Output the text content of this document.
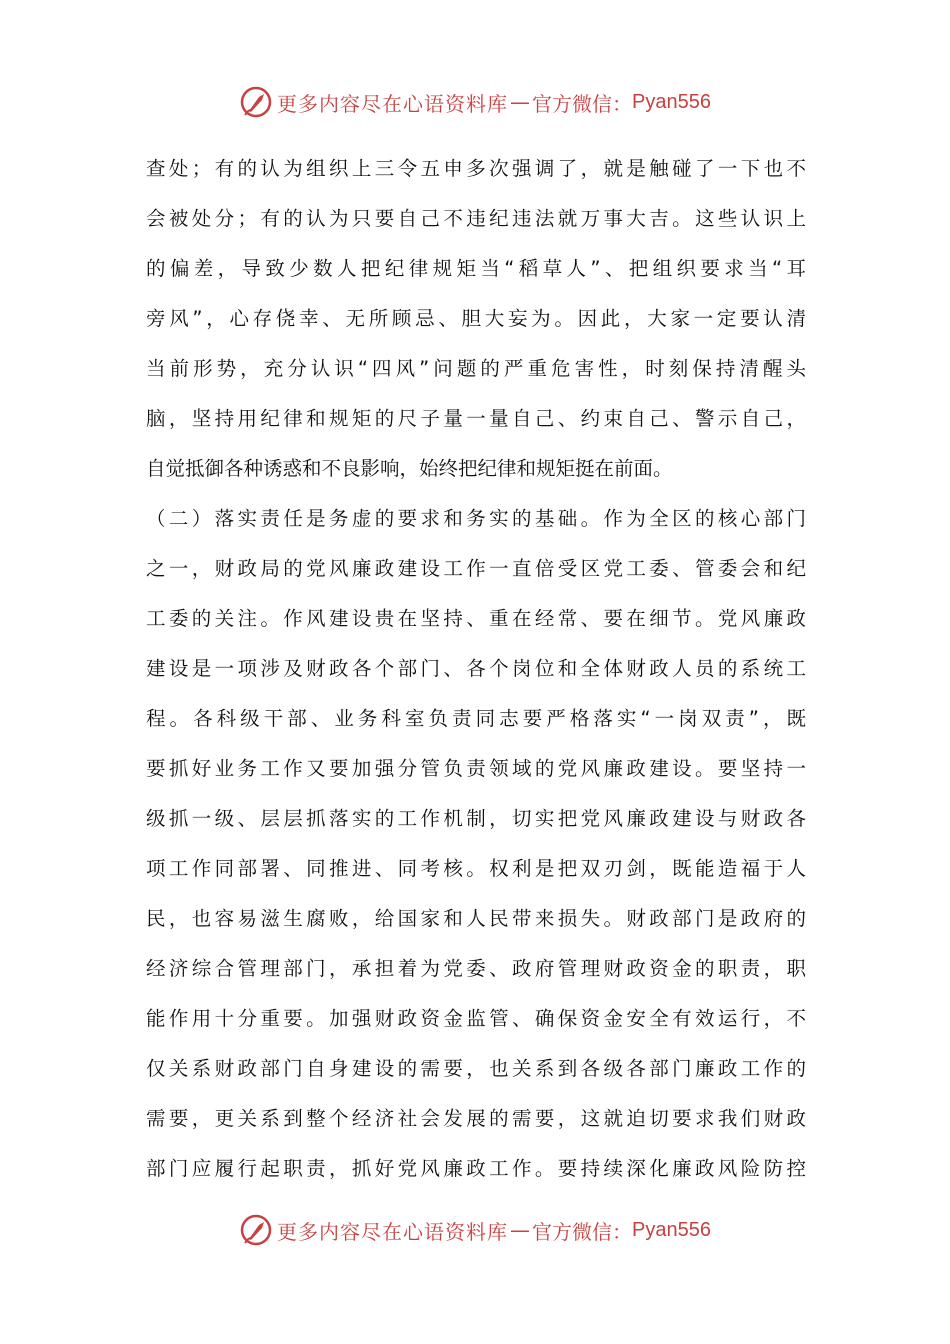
更多内容尽在心语资料库 — 官方微信： Pyan556
查处；有的认为组织上三令五申多次强调了，就是触碰了一下也不
会被处分；有的认为只要自己不违纪违法就万事大吉。这些认识上
的偏差，导致少数人把纪律规矩当“稻草人”、把组织要求当“耳
旁风”，心存侥幸、无所顾忌、胆大妄为。因此，大家一定要认清
当前形势，充分认识“四风”问题的严重危害性，时刻保持清醒头
脑，坚持用纪律和规矩的尺子量一量自己、约束自己、警示自己，
自觉抵御各种诱惑和不良影响，始终把纪律和规矩挺在前面。
（二）落实责任是务虚的要求和务实的基础。作为全区的核心部门
之一，财政局的党风廉政建设工作一直倍受区党工委、管委会和纪
工委的关注。作风建设贵在坚持、重在经常、要在细节。党风廉政
建设是一项涉及财政各个部门、各个岗位和全体财政人员的系统工
程。各科级干部、业务科室负责同志要严格落实“一岗双责”，既
要抓好业务工作又要加强分管负责领域的党风廉政建设。要坚持一
级抓一级、层层抓落实的工作机制，切实把党风廉政建设与财政各
项工作同部署、同推进、同考核。权利是把双刃剑，既能造福于人
民，也容易滋生腐败，给国家和人民带来损失。财政部门是政府的
经济综合管理部门，承担着为党委、政府管理财政资金的职责，职
能作用十分重要。加强财政资金监管、确保资金安全有效运行，不
仅关系财政部门自身建设的需要，也关系到各级各部门廉政工作的
需要，更关系到整个经济社会发展的需要，这就迫切要求我们财政
部门应履行起职责，抓好党风廉政工作。要持续深化廉政风险防控
更多内容尽在心语资料库 — 官方微信： Pyan556
